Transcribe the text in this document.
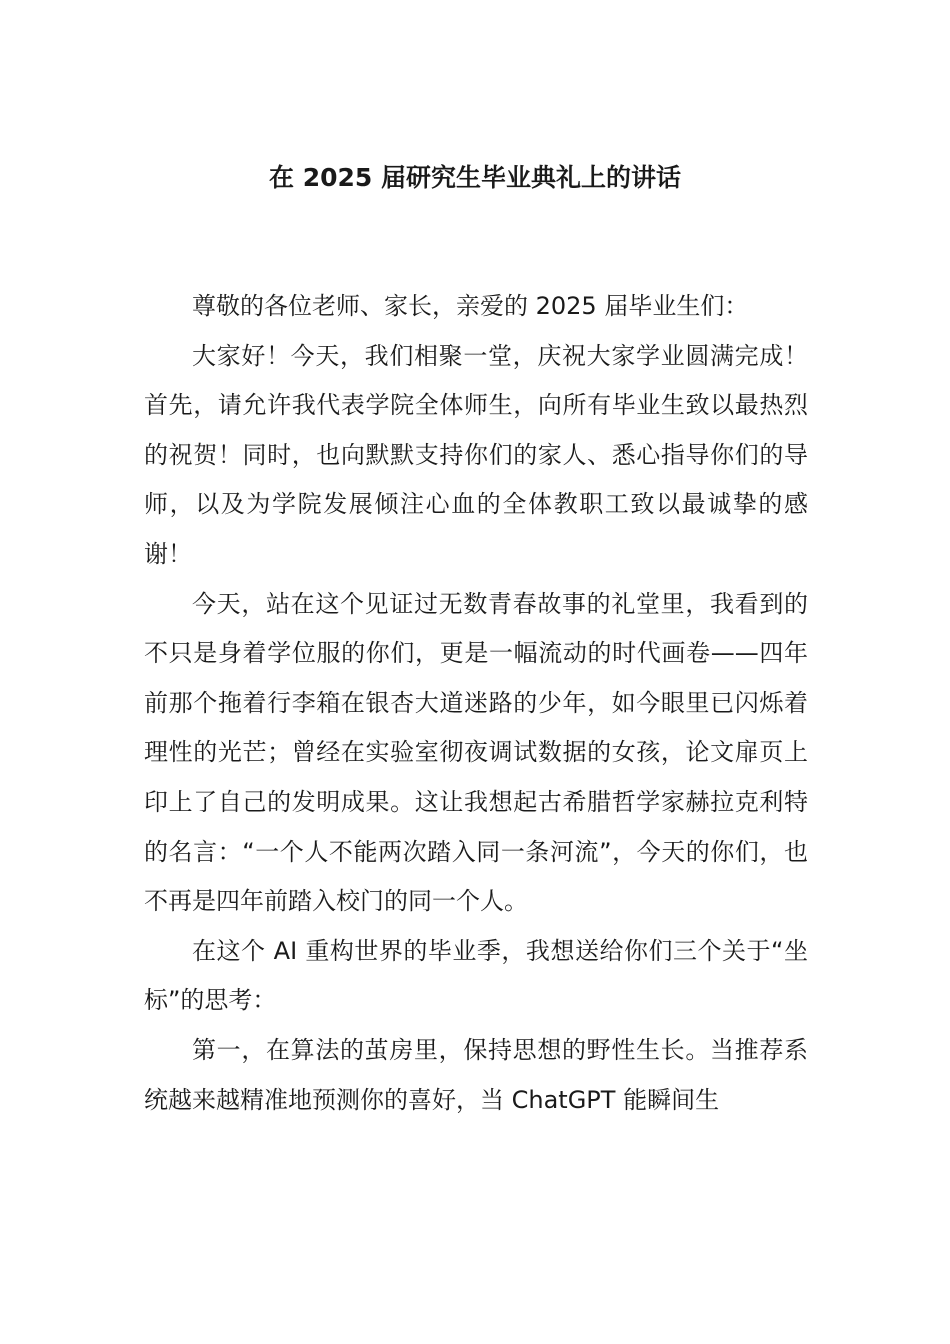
在 2025 届研究生毕业典礼上的讲话

尊敬的各位老师、家长，亲爱的 2025 届毕业生们：

大家好！今天，我们相聚一堂，庆祝大家学业圆满完成！首先，请允许我代表学院全体师生，向所有毕业生致以最热烈的祝贺！同时，也向默默支持你们的家人、悉心指导你们的导师，以及为学院发展倾注心血的全体教职工致以最诚挚的感谢！

今天，站在这个见证过无数青春故事的礼堂里，我看到的不只是身着学位服的你们，更是一幅流动的时代画卷——四年前那个拖着行李箱在银杏大道迷路的少年，如今眼里已闪烁着理性的光芒；曾经在实验室彻夜调试数据的女孩，论文扉页上印上了自己的发明成果。这让我想起古希腊哲学家赫拉克利特的名言：“一个人不能两次踏入同一条河流”，今天的你们，也不再是四年前踏入校门的同一个人。

在这个 AI 重构世界的毕业季，我想送给你们三个关于“坐标”的思考：

第一，在算法的茧房里，保持思想的野性生长。当推荐系统越来越精准地预测你的喜好，当 ChatGPT 能瞬间生
